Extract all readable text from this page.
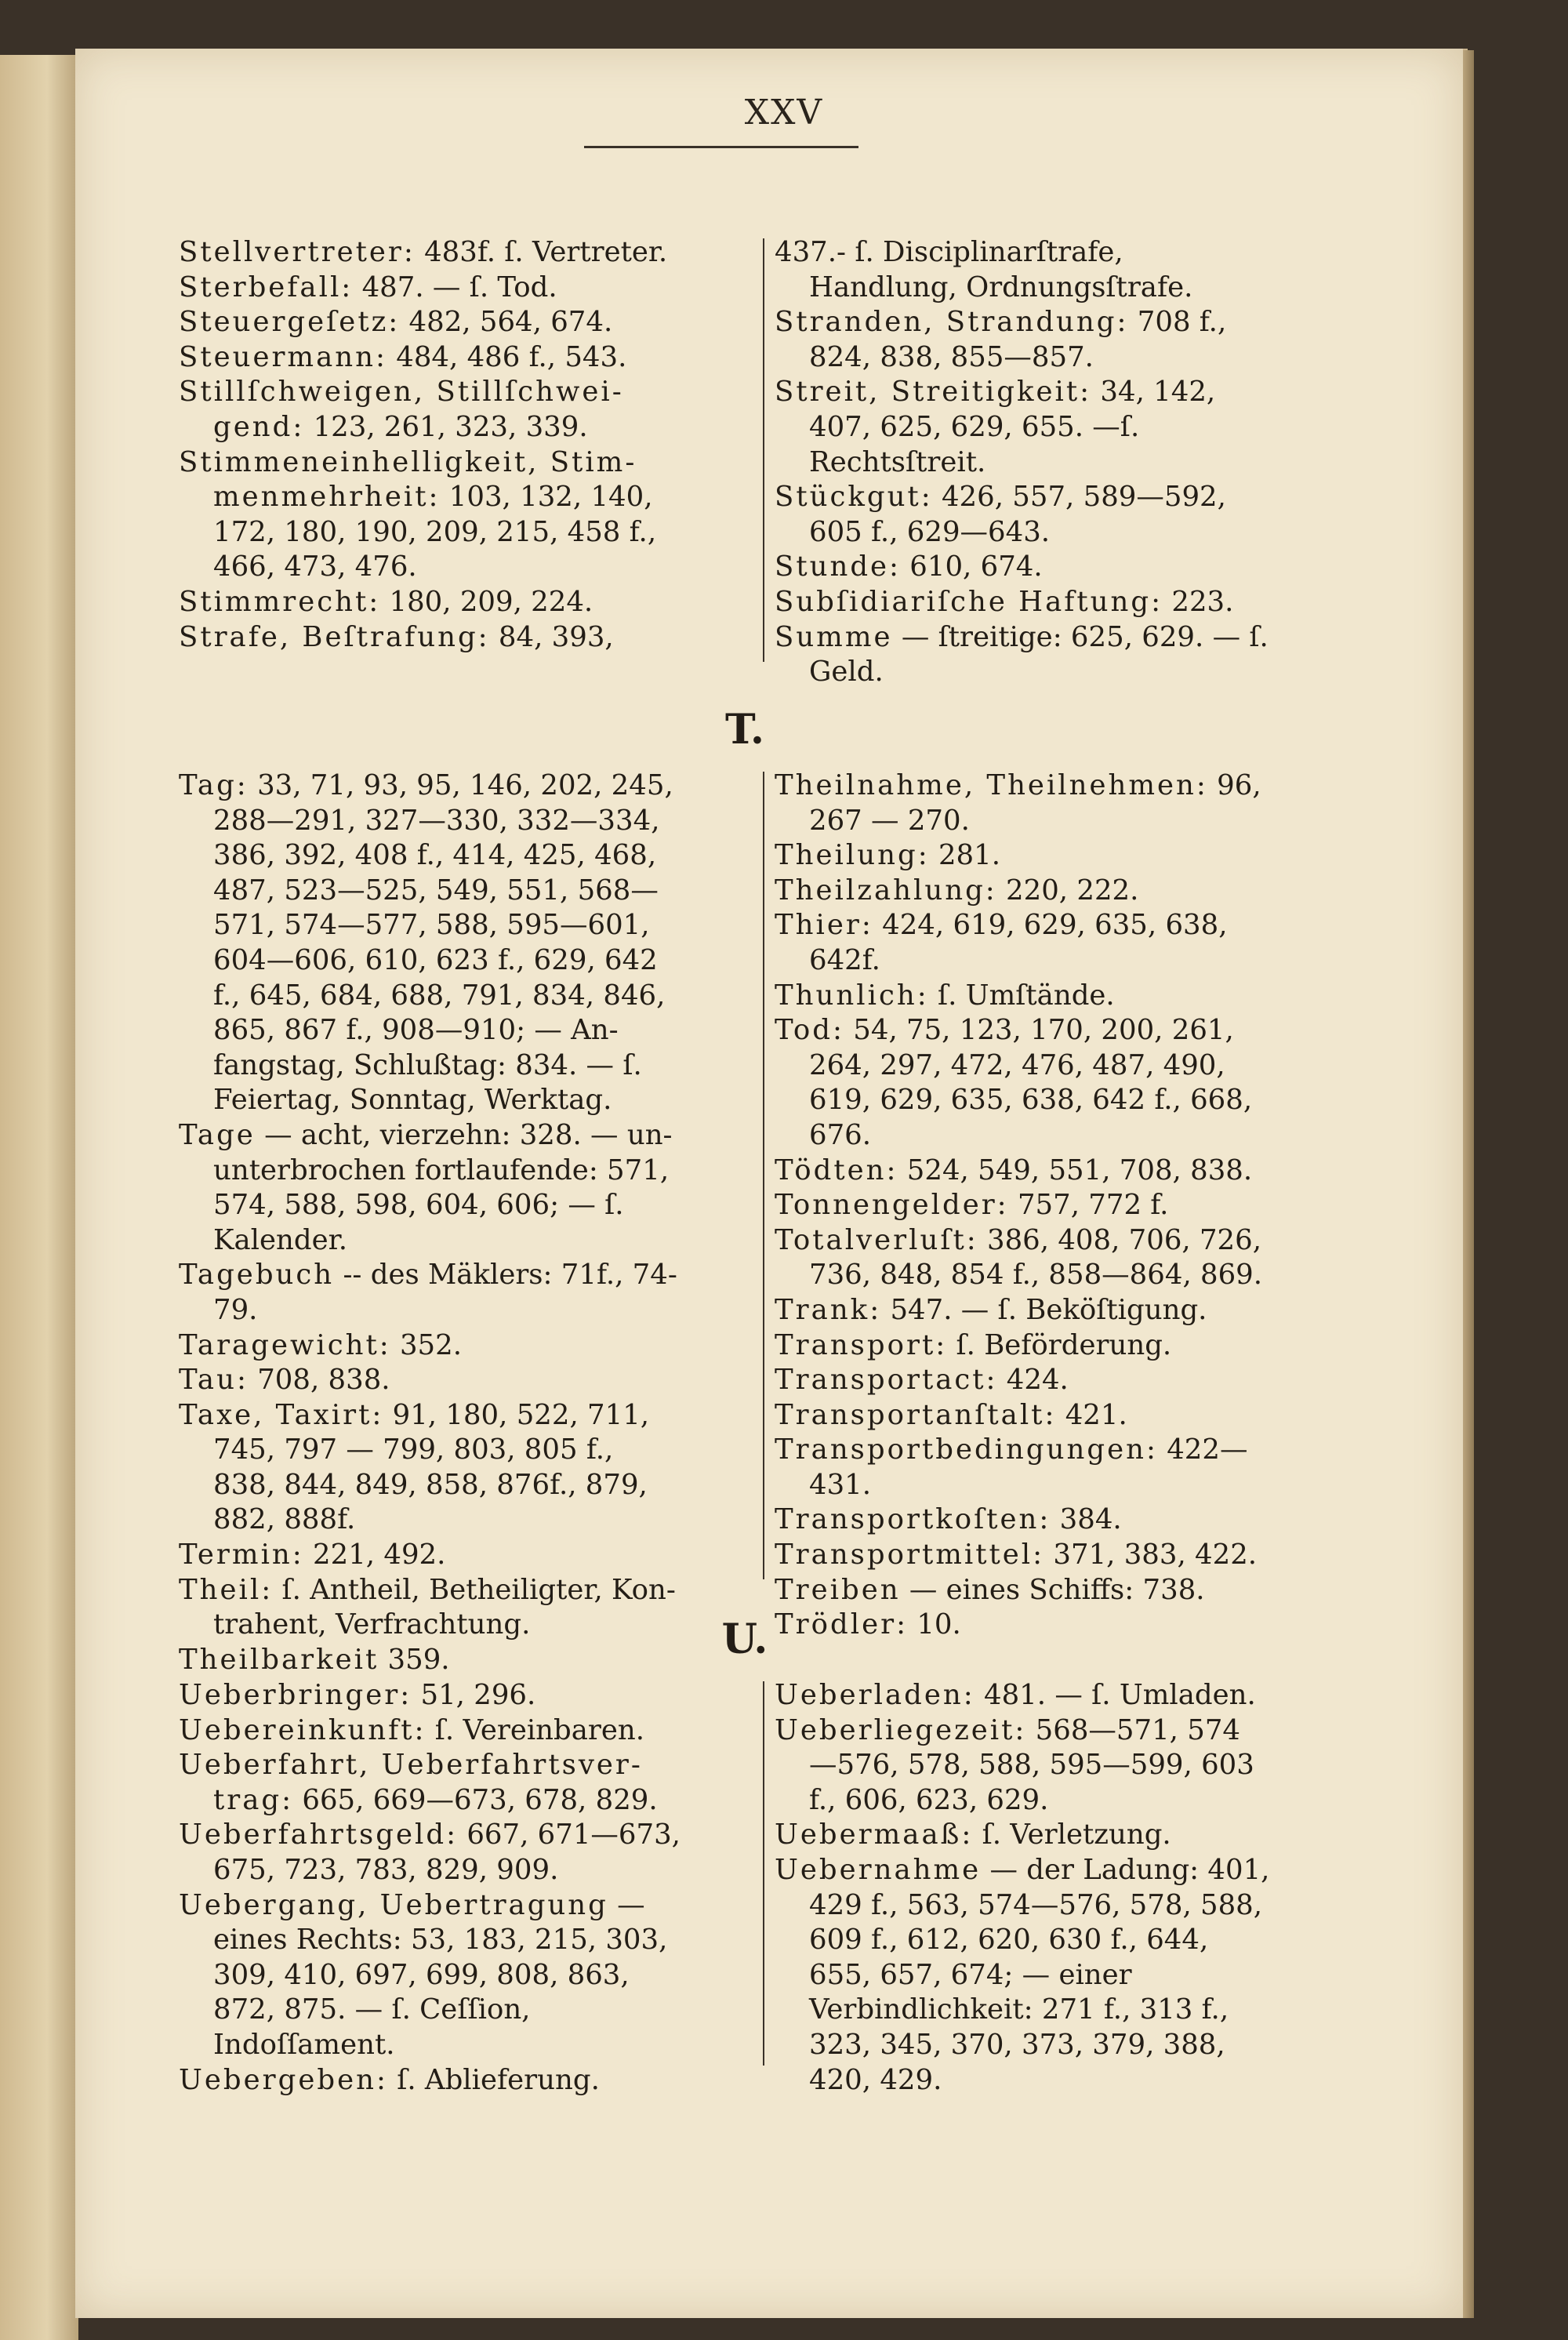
XXV

Stellvertreter: 483f. ſ. Vertreter.

Sterbefall: 487. — ſ. Tod.

Steuergeſetz: 482, 564, 674.

Steuermann: 484, 486 f., 543.

Stillſchweigen, Stillſchwei-gend: 123, 261, 323, 339.

Stimmeneinhelligkeit, Stim-menmehrheit: 103, 132, 140, 172, 180, 190, 209, 215, 458 f., 466, 473, 476.

Stimmrecht: 180, 209, 224.

Strafe, Beſtrafung: 84, 393,

437.- ſ. Disciplinarſtrafe, Handlung, Ordnungsſtrafe.

Stranden, Strandung: 708 f., 824, 838, 855—857.

Streit, Streitigkeit: 34, 142, 407, 625, 629, 655. —ſ. Rechtsſtreit.

Stückgut: 426, 557, 589—592, 605 f., 629—643.

Stunde: 610, 674.

Subſidiariſche Haftung: 223.

Summe — ſtreitige: 625, 629. — ſ. Geld.

T.

Tag: 33, 71, 93, 95, 146, 202, 245, 288—291, 327—330, 332—334, 386, 392, 408 f., 414, 425, 468, 487, 523—525, 549, 551, 568—571, 574—577, 588, 595—601, 604—606, 610, 623 f., 629, 642 f., 645, 684, 688, 791, 834, 846, 865, 867 f., 908—910; — An-fangstag, Schlußtag: 834. — ſ. Feiertag, Sonntag, Werktag.

Tage — acht, vierzehn: 328. — un-unterbrochen fortlaufende: 571, 574, 588, 598, 604, 606; — ſ. Kalender.

Tagebuch -- des Mäklers: 71f., 74-79.

Taragewicht: 352.

Tau: 708, 838.

Taxe, Taxirt: 91, 180, 522, 711, 745, 797 — 799, 803, 805 f., 838, 844, 849, 858, 876f., 879, 882, 888f.

Termin: 221, 492.

Theil: ſ. Antheil, Betheiligter, Kon-trahent, Verfrachtung.

Theilbarkeit 359.

Theilnahme, Theilnehmen: 96, 267 — 270.

Theilung: 281.

Theilzahlung: 220, 222.

Thier: 424, 619, 629, 635, 638, 642f.

Thunlich: ſ. Umſtände.

Tod: 54, 75, 123, 170, 200, 261, 264, 297, 472, 476, 487, 490, 619, 629, 635, 638, 642 f., 668, 676.

Tödten: 524, 549, 551, 708, 838.

Tonnengelder: 757, 772 f.

Totalverluſt: 386, 408, 706, 726, 736, 848, 854 f., 858—864, 869.

Trank: 547. — ſ. Beköſtigung.

Transport: ſ. Beförderung.

Transportact: 424.

Transportanſtalt: 421.

Transportbedingungen: 422— 431.

Transportkoſten: 384.

Transportmittel: 371, 383, 422.

Treiben — eines Schiffs: 738.

Trödler: 10.

U.

Ueberbringer: 51, 296.

Uebereinkunft: ſ. Vereinbaren.

Ueberfahrt, Ueberfahrtsver-trag: 665, 669—673, 678, 829.

Ueberfahrtsgeld: 667, 671—673, 675, 723, 783, 829, 909.

Uebergang, Uebertragung — eines Rechts: 53, 183, 215, 303, 309, 410, 697, 699, 808, 863, 872, 875. — ſ. Ceſſion, Indoſſament.

Uebergeben: ſ. Ablieferung.

Ueberladen: 481. — ſ. Umladen.

Ueberliegezeit: 568—571, 574 —576, 578, 588, 595—599, 603 f., 606, 623, 629.

Uebermaaß: ſ. Verletzung.

Uebernahme — der Ladung: 401, 429 f., 563, 574—576, 578, 588, 609 f., 612, 620, 630 f., 644, 655, 657, 674; — einer Verbindlichkeit: 271 f., 313 f., 323, 345, 370, 373, 379, 388, 420, 429.
